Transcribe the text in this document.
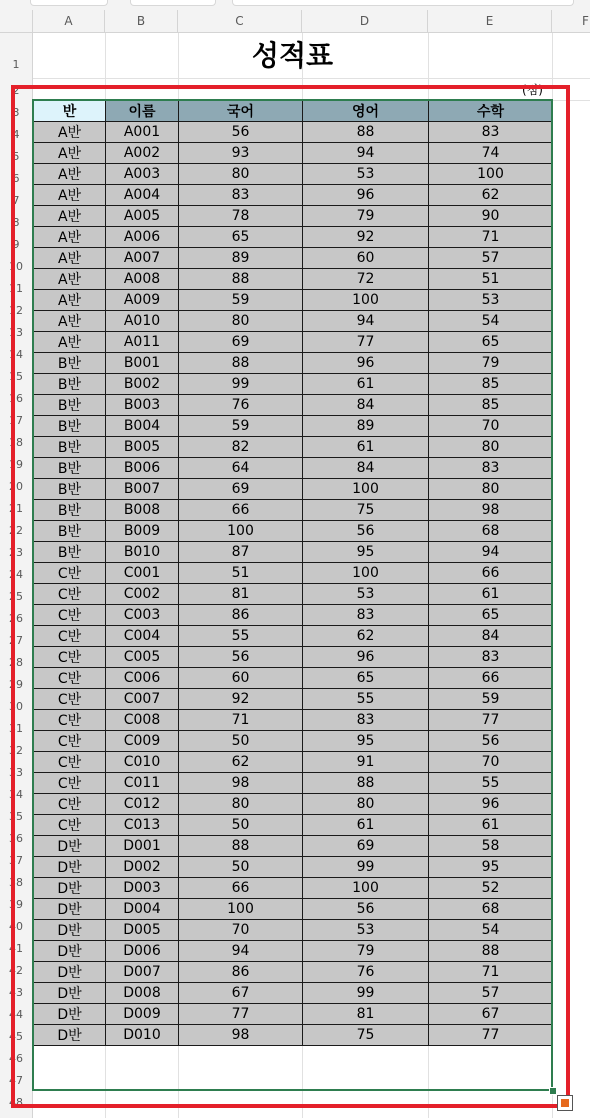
A	B	C	D	E	F
1
2
3
4
5
6
7
8
9
10
11
12
13
14
15
16
17
18
19
20
21
22
23
24
25
26
27
28
29
30
31
32
33
34
35
36
37
38
39
40
41
42
43
44
45
46
47
48
성적표
(점)
반	이름	국어	영어	수학
A반	A001	56	88	83
A반	A002	93	94	74
A반	A003	80	53	100
A반	A004	83	96	62
A반	A005	78	79	90
A반	A006	65	92	71
A반	A007	89	60	57
A반	A008	88	72	51
A반	A009	59	100	53
A반	A010	80	94	54
A반	A011	69	77	65
B반	B001	88	96	79
B반	B002	99	61	85
B반	B003	76	84	85
B반	B004	59	89	70
B반	B005	82	61	80
B반	B006	64	84	83
B반	B007	69	100	80
B반	B008	66	75	98
B반	B009	100	56	68
B반	B010	87	95	94
C반	C001	51	100	66
C반	C002	81	53	61
C반	C003	86	83	65
C반	C004	55	62	84
C반	C005	56	96	83
C반	C006	60	65	66
C반	C007	92	55	59
C반	C008	71	83	77
C반	C009	50	95	56
C반	C010	62	91	70
C반	C011	98	88	55
C반	C012	80	80	96
C반	C013	50	61	61
D반	D001	88	69	58
D반	D002	50	99	95
D반	D003	66	100	52
D반	D004	100	56	68
D반	D005	70	53	54
D반	D006	94	79	88
D반	D007	86	76	71
D반	D008	67	99	57
D반	D009	77	81	67
D반	D010	98	75	77
